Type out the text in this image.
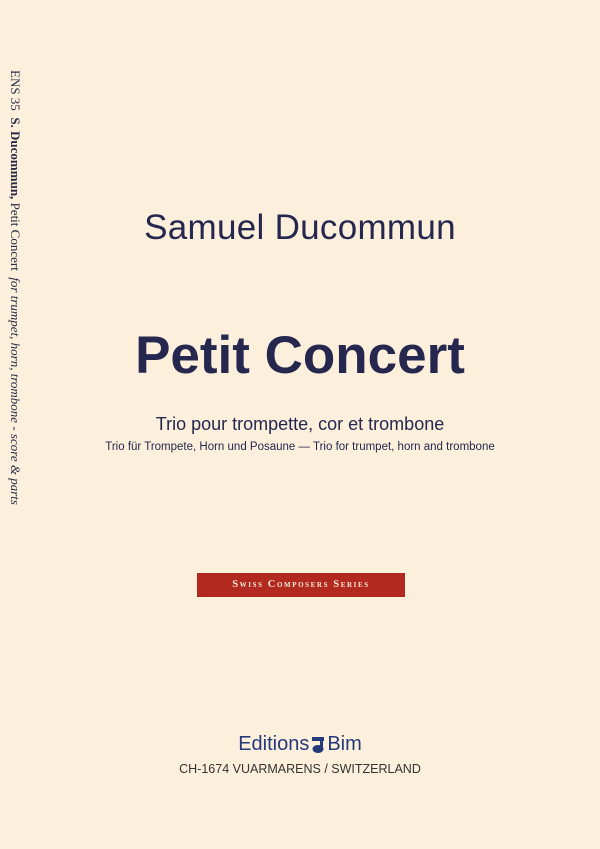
ENS 35  S. Ducommun, Petit Concert  for trumpet, horn, trombone - score & parts
Samuel Ducommun
Petit Concert
Trio pour trompette, cor et trombone
Trio für Trompete, Horn und Posaune — Trio for trumpet, horn and trombone
Swiss Composers Series
Editions Bim
CH-1674 VUARMARENS / SWITZERLAND
